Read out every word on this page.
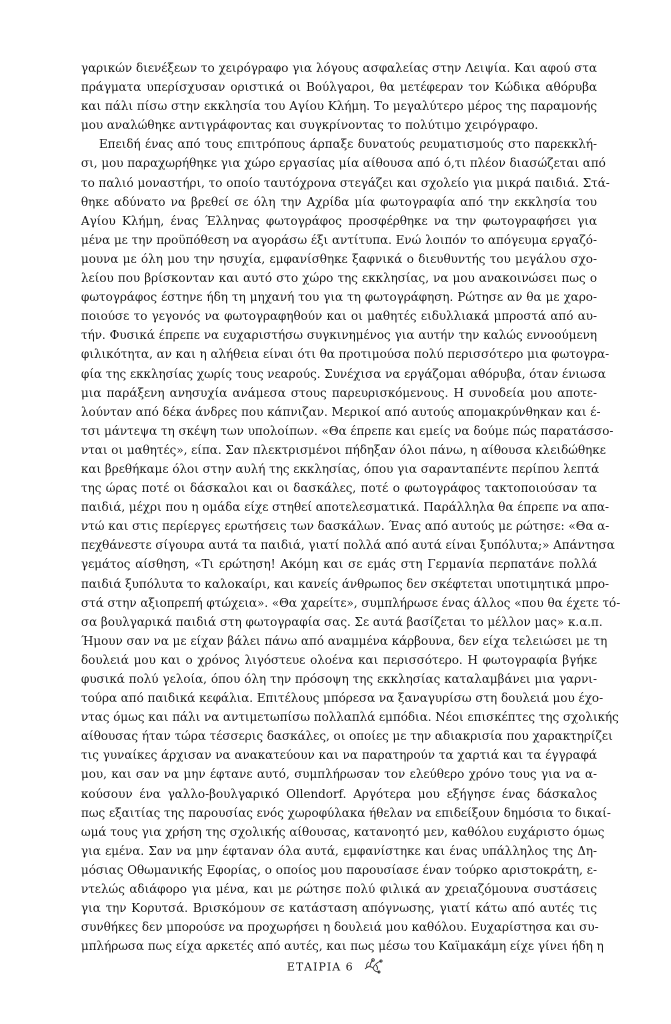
γαρικών διενέξεων το χειρόγραφο για λόγους ασφαλείας στην Λειψία. Και αφού στα
πράγματα υπερίσχυσαν οριστικά οι Βούλγαροι, θα μετέφεραν τον Κώδικα αθόρυβα
και πάλι πίσω στην εκκλησία του Αγίου Κλήμη. Το μεγαλύτερο μέρος της παραμονής
μου αναλώθηκε αντιγράφοντας και συγκρίνοντας το πολύτιμο χειρόγραφο.
Επειδή ένας από τους επιτρόπους άρπαξε δυνατούς ρευματισμούς στο παρεκκλή-
σι, μου παραχωρήθηκε για χώρο εργασίας μία αίθουσα από ό,τι πλέον διασώζεται από
το παλιό μοναστήρι, το οποίο ταυτόχρονα στεγάζει και σχολείο για μικρά παιδιά. Στά-
θηκε αδύνατο να βρεθεί σε όλη την Αχρίδα μία φωτογραφία από την εκκλησία του
Αγίου Κλήμη, ένας Έλληνας φωτογράφος προσφέρθηκε να την φωτογραφήσει για
μένα με την προϋπόθεση να αγοράσω έξι αντίτυπα. Ενώ λοιπόν το απόγευμα εργαζό-
μουνα με όλη μου την ησυχία, εμφανίσθηκε ξαφνικά ο διευθυντής του μεγάλου σχο-
λείου που βρίσκονταν και αυτό στο χώρο της εκκλησίας, να μου ανακοινώσει πως ο
φωτογράφος έστηνε ήδη τη μηχανή του για τη φωτογράφηση. Ρώτησε αν θα με χαρο-
ποιούσε το γεγονός να φωτογραφηθούν και οι μαθητές ειδυλλιακά μπροστά από αυ-
τήν. Φυσικά έπρεπε να ευχαριστήσω συγκινημένος για αυτήν την καλώς εννοούμενη
φιλικότητα, αν και η αλήθεια είναι ότι θα προτιμούσα πολύ περισσότερο μια φωτογρα-
φία της εκκλησίας χωρίς τους νεαρούς. Συνέχισα να εργάζομαι αθόρυβα, όταν ένιωσα
μια παράξενη ανησυχία ανάμεσα στους παρευρισκόμενους. Η συνοδεία μου αποτε-
λούνταν από δέκα άνδρες που κάπνιζαν. Μερικοί από αυτούς απομακρύνθηκαν και έ-
τσι μάντεψα τη σκέψη των υπολοίπων. «Θα έπρεπε και εμείς να δούμε πώς παρατάσσο-
νται οι μαθητές», είπα. Σαν πλεκτρισμένοι πήδηξαν όλοι πάνω, η αίθουσα κλειδώθηκε
και βρεθήκαμε όλοι στην αυλή της εκκλησίας, όπου για σαρανταπέντε περίπου λεπτά
της ώρας ποτέ οι δάσκαλοι και οι δασκάλες, ποτέ ο φωτογράφος τακτοποιούσαν τα
παιδιά, μέχρι που η ομάδα είχε στηθεί αποτελεσματικά. Παράλληλα θα έπρεπε να απα-
ντώ και στις περίεργες ερωτήσεις των δασκάλων. Ένας από αυτούς με ρώτησε: «Θα α-
πεχθάνεστε σίγουρα αυτά τα παιδιά, γιατί πολλά από αυτά είναι ξυπόλυτα;» Απάντησα
γεμάτος αίσθηση, «Τι ερώτηση! Ακόμη και σε εμάς στη Γερμανία περπατάνε πολλά
παιδιά ξυπόλυτα το καλοκαίρι, και κανείς άνθρωπος δεν σκέφτεται υποτιμητικά μπρο-
στά στην αξιοπρεπή φτώχεια». «Θα χαρείτε», συμπλήρωσε ένας άλλος «που θα έχετε τό-
σα βουλγαρικά παιδιά στη φωτογραφία σας. Σε αυτά βασίζεται το μέλλον μας» κ.α.π.
Ήμουν σαν να με είχαν βάλει πάνω από αναμμένα κάρβουνα, δεν είχα τελειώσει με τη
δουλειά μου και ο χρόνος λιγόστευε ολοένα και περισσότερο. Η φωτογραφία βγήκε
φυσικά πολύ γελοία, όπου όλη την πρόσοψη της εκκλησίας καταλαμβάνει μια γαρνι-
τούρα από παιδικά κεφάλια. Επιτέλους μπόρεσα να ξαναγυρίσω στη δουλειά μου έχο-
ντας όμως και πάλι να αντιμετωπίσω πολλαπλά εμπόδια. Νέοι επισκέπτες της σχολικής
αίθουσας ήταν τώρα τέσσερις δασκάλες, οι οποίες με την αδιακρισία που χαρακτηρίζει
τις γυναίκες άρχισαν να ανακατεύουν και να παρατηρούν τα χαρτιά και τα έγγραφά
μου, και σαν να μην έφτανε αυτό, συμπλήρωσαν τον ελεύθερο χρόνο τους για να α-
κούσουν ένα γαλλο-βουλγαρικό Ollendorf. Αργότερα μου εξήγησε ένας δάσκαλος
πως εξαιτίας της παρουσίας ενός χωροφύλακα ήθελαν να επιδείξουν δημόσια το δικαί-
ωμά τους για χρήση της σχολικής αίθουσας, κατανοητό μεν, καθόλου ευχάριστο όμως
για εμένα. Σαν να μην έφταναν όλα αυτά, εμφανίστηκε και ένας υπάλληλος της Δη-
μόσιας Οθωμανικής Εφορίας, ο οποίος μου παρουσίασε έναν τούρκο αριστοκράτη, ε-
ντελώς αδιάφορο για μένα, και με ρώτησε πολύ φιλικά αν χρειαζόμουνα συστάσεις
για την Κορυτσά. Βρισκόμουν σε κατάσταση απόγνωσης, γιατί κάτω από αυτές τις
συνθήκες δεν μπορούσε να προχωρήσει η δουλειά μου καθόλου. Ευχαρίστησα και συ-
μπλήρωσα πως είχα αρκετές από αυτές, και πως μέσω του Καϊμακάμη είχε γίνει ήδη η
ΕΤΑΙΡΙΑ 6
